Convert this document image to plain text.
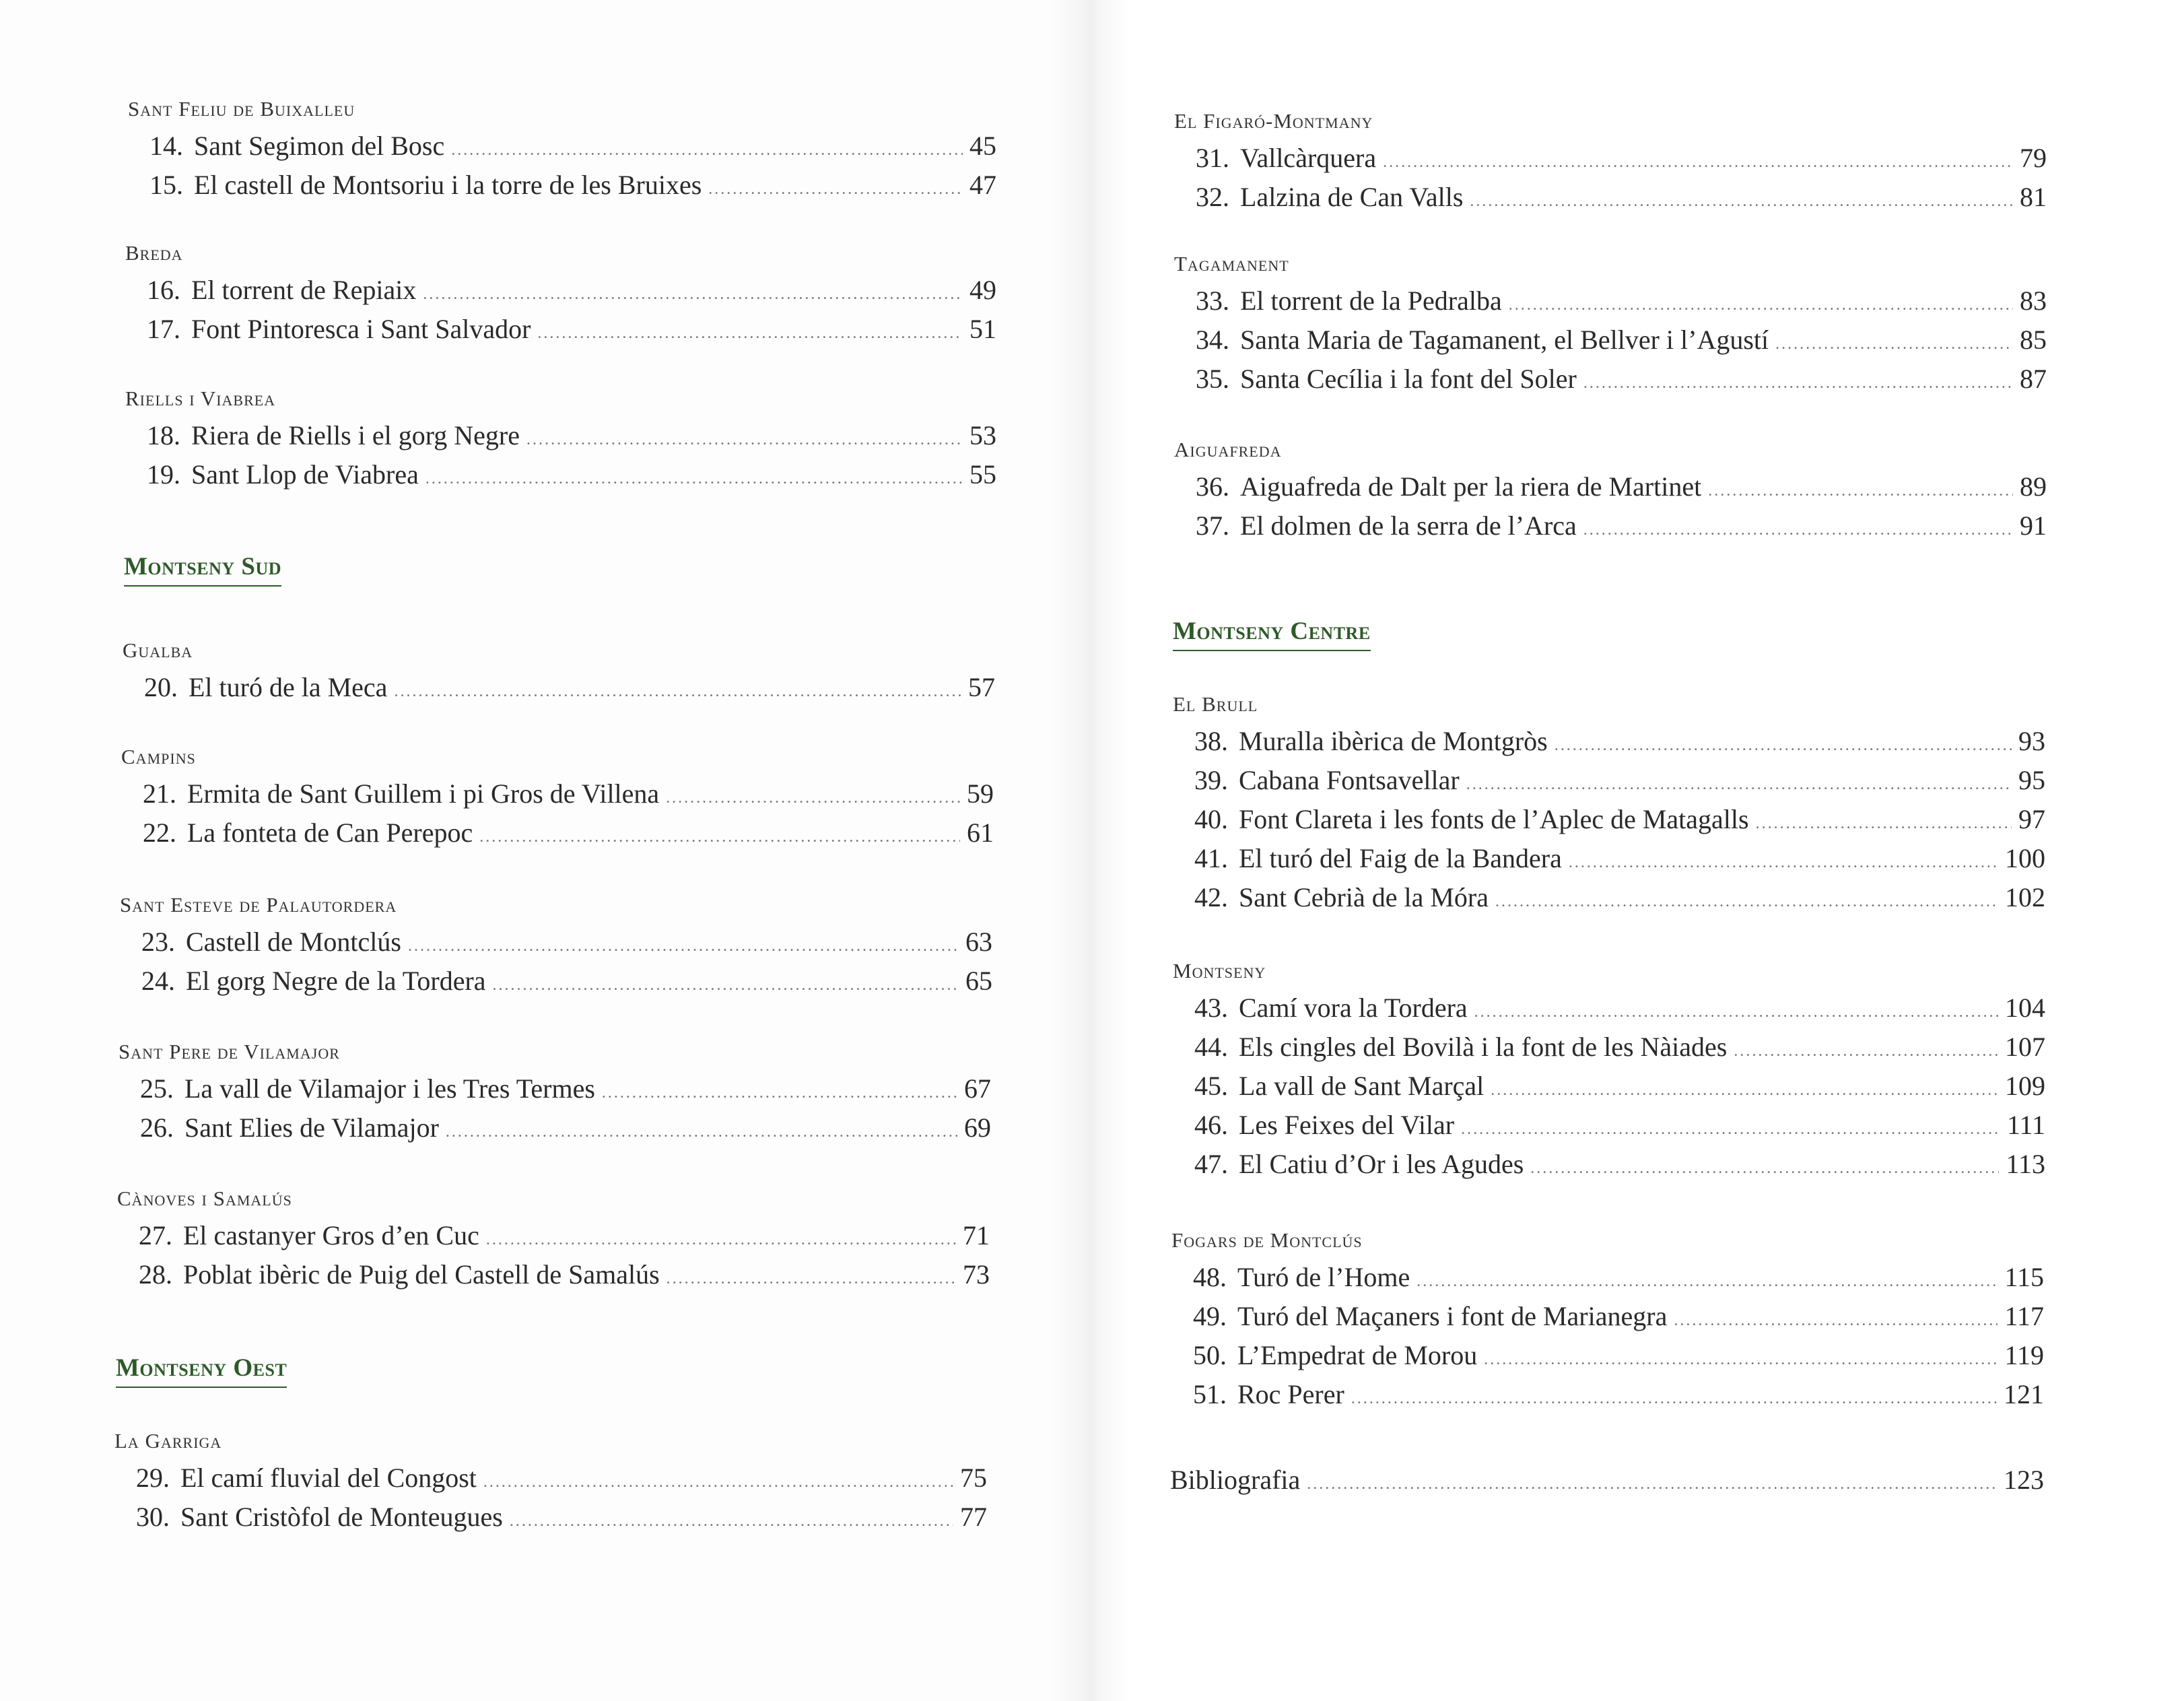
Sant Feliu de Buixalleu
14. Sant Segimon del Bosc .....	45
15. El castell de Montsoriu i la torre de les Bruixes .....	47
Breda
16. El torrent de Repiaix .....	49
17. Font Pintoresca i Sant Salvador .....	51
Riells i Viabrea
18. Riera de Riells i el gorg Negre .....	53
19. Sant Llop de Viabrea .....	55
Montseny Sud
Gualba
20. El turó de la Meca .....	57
Campins
21. Ermita de Sant Guillem i pi Gros de Villena .....	59
22. La fonteta de Can Perepoc .....	61
Sant Esteve de Palautordera
23. Castell de Montclús .....	63
24. El gorg Negre de la Tordera .....	65
Sant Pere de Vilamajor
25. La vall de Vilamajor i les Tres Termes .....	67
26. Sant Elies de Vilamajor .....	69
Cànoves i Samalús
27. El castanyer Gros d’en Cuc .....	71
28. Poblat ibèric de Puig del Castell de Samalús .....	73
Montseny Oest
La Garriga
29. El camí fluvial del Congost .....	75
30. Sant Cristòfol de Monteugues .....	77
El Figaró-Montmany
31. Vallcàrquera .....	79
32. Lalzina de Can Valls .....	81
Tagamanent
33. El torrent de la Pedralba .....	83
34. Santa Maria de Tagamanent, el Bellver i l’Agustí .....	85
35. Santa Cecília i la font del Soler .....	87
Aiguafreda
36. Aiguafreda de Dalt per la riera de Martinet .....	89
37. El dolmen de la serra de l’Arca .....	91
Montseny Centre
El Brull
38. Muralla ibèrica de Montgròs .....	93
39. Cabana Fontsavellar .....	95
40. Font Clareta i les fonts de l’Aplec de Matagalls .....	97
41. El turó del Faig de la Bandera .....	100
42. Sant Cebrià de la Móra .....	102
Montseny
43. Camí vora la Tordera .....	104
44. Els cingles del Bovilà i la font de les Nàiades .....	107
45. La vall de Sant Marçal .....	109
46. Les Feixes del Vilar .....	111
47. El Catiu d’Or i les Agudes .....	113
Fogars de Montclús
48. Turó de l’Home .....	115
49. Turó del Maçaners i font de Marianegra .....	117
50. L’Empedrat de Morou .....	119
51. Roc Perer .....	121
Bibliografia .....	123
